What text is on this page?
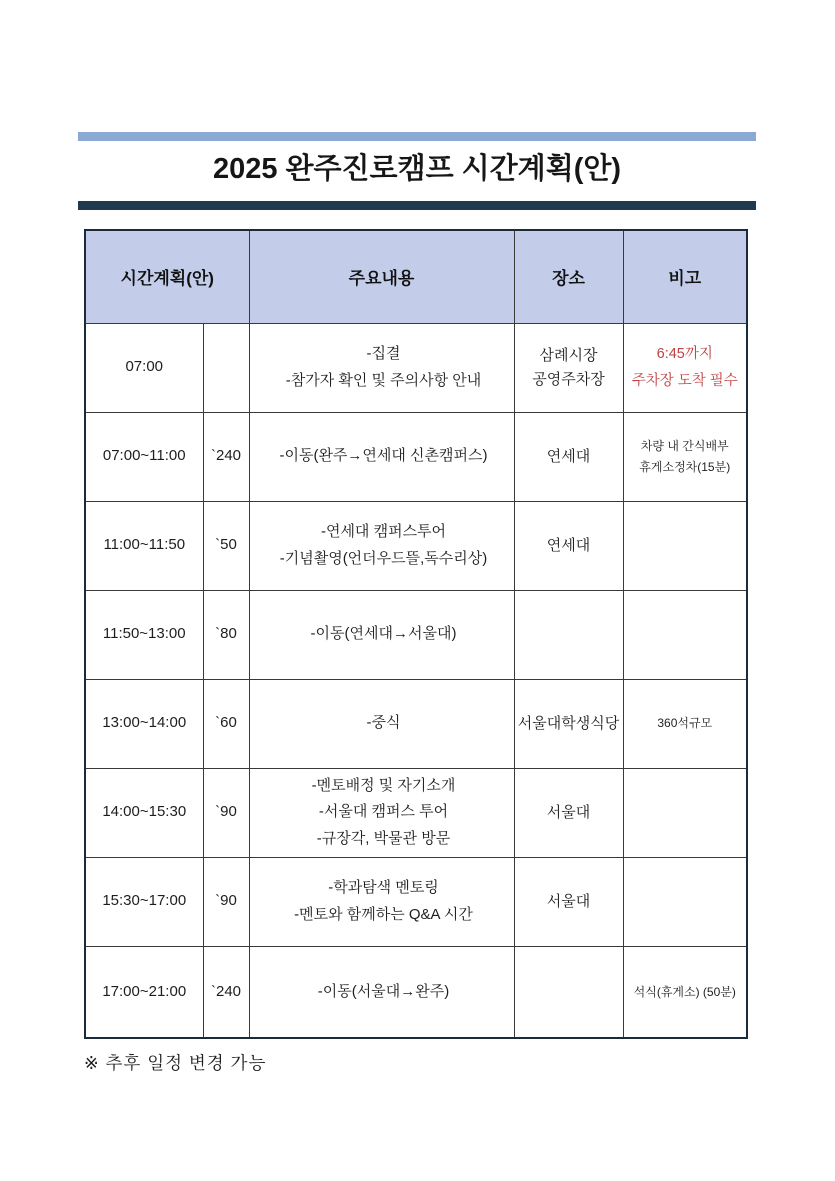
2025 완주진로캠프 시간계획(안)
시간계획(안)		주요내용	장소	비고

07:00		-집결
-참가자 확인 및 주의사항 안내	삼례시장
공영주차장	6:45까지
주차장 도착 필수

07:00~11:00	`240	-이동(완주→연세대 신촌캠퍼스)	연세대	차량 내 간식배부
휴게소정차(15분)

11:00~11:50	`50	-연세대 캠퍼스투어
-기념촬영(언더우드뜰,독수리상)	연세대	

11:50~13:00	`80	-이동(연세대→서울대)		

13:00~14:00	`60	-중식	서울대학생식당	360석규모

14:00~15:30	`90	-멘토배정 및 자기소개
-서울대 캠퍼스 투어
-규장각, 박물관 방문	서울대	

15:30~17:00	`90	-학과탐색 멘토링
-멘토와 함께하는 Q&A 시간	서울대	

17:00~21:00	`240	-이동(서울대→완주)		석식(휴게소) (50분)
※ 추후 일정 변경 가능
